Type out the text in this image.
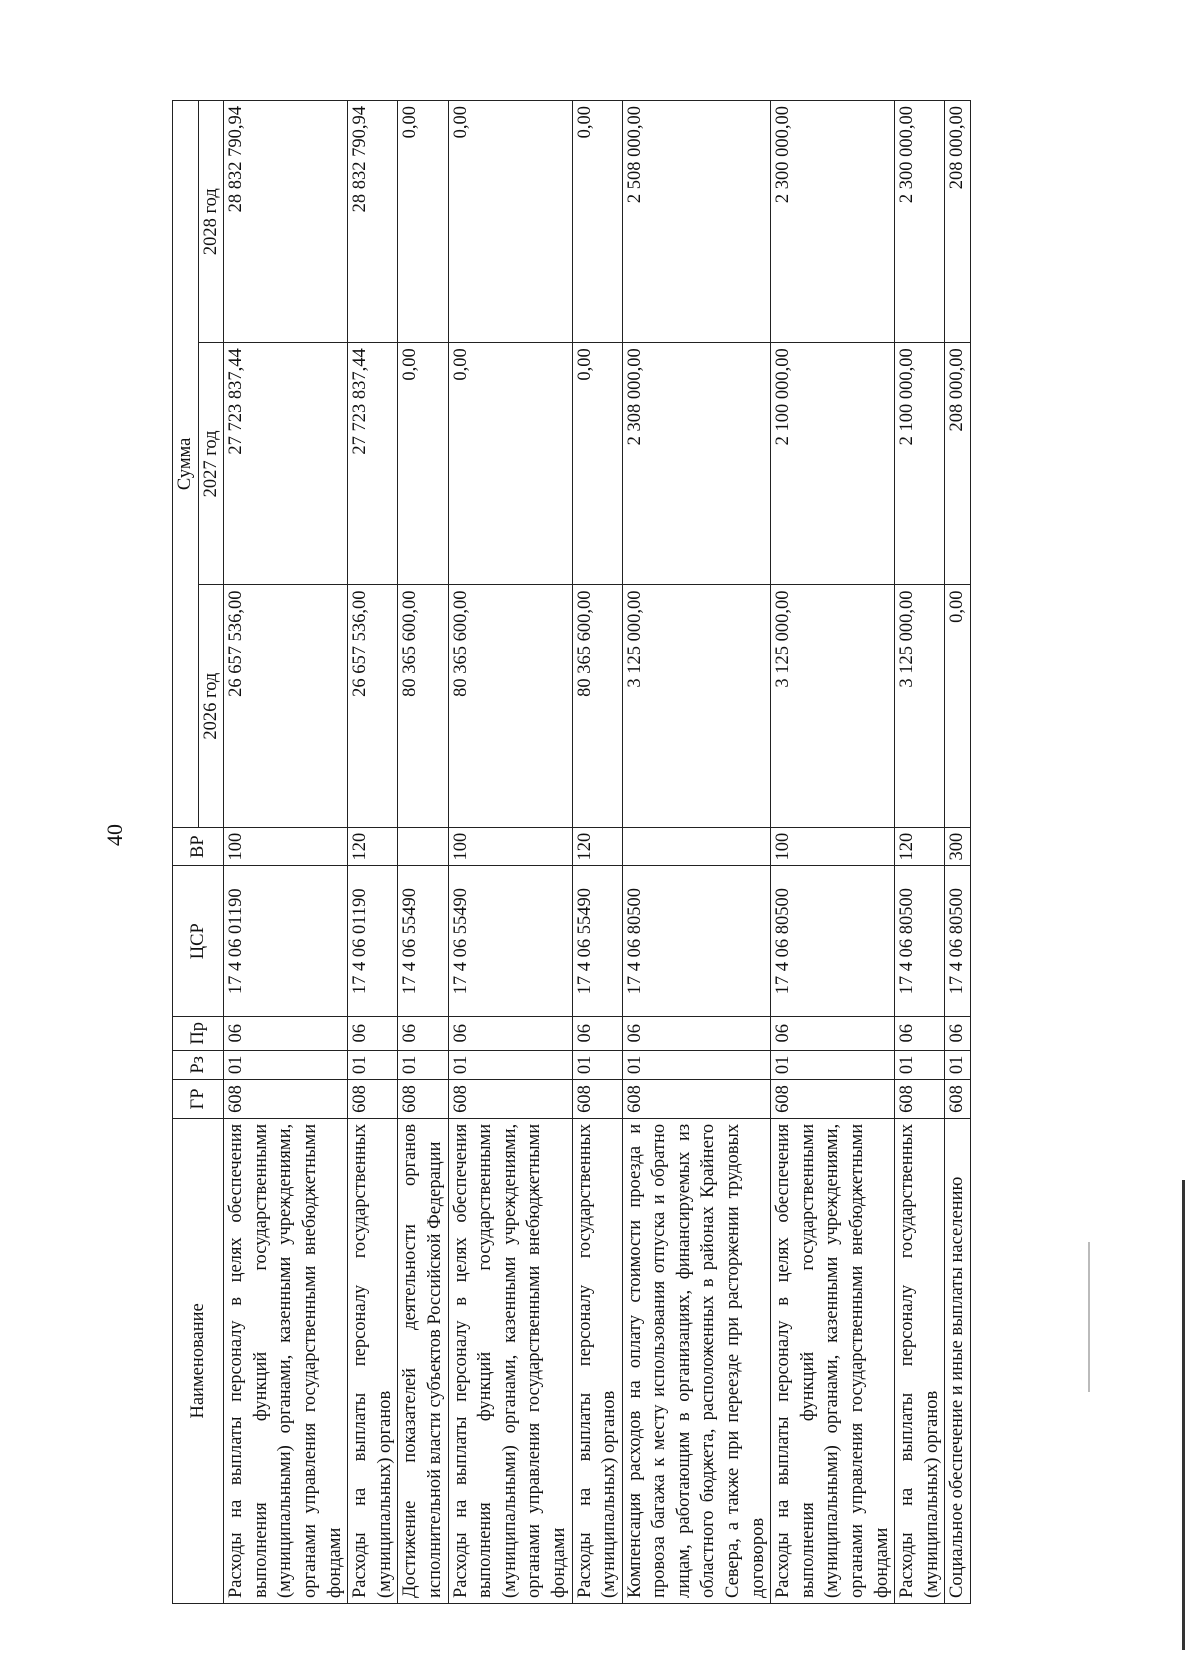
40
Наименование	ГР	Рз	Пр	ЦСР	ВР	Сумма		
						2026 год	2027 год	2028 год
Расходы на выплаты персоналу в целях обеспечения выполнения функций государственными (муниципальными) органами, казенными учреждениями, органами управления государственными внебюджетными фондами	608	01	06	17 4 06 01190	100	26 657 536,00	27 723 837,44	28 832 790,94
Расходы на выплаты персоналу государственных (муниципальных) органов	608	01	06	17 4 06 01190	120	26 657 536,00	27 723 837,44	28 832 790,94
Достижение показателей деятельности органов исполнительной власти субъектов Российской Федерации	608	01	06	17 4 06 55490		80 365 600,00	0,00	0,00
Расходы на выплаты персоналу в целях обеспечения выполнения функций государственными (муниципальными) органами, казенными учреждениями, органами управления государственными внебюджетными фондами	608	01	06	17 4 06 55490	100	80 365 600,00	0,00	0,00
Расходы на выплаты персоналу государственных (муниципальных) органов	608	01	06	17 4 06 55490	120	80 365 600,00	0,00	0,00
Компенсация расходов на оплату стоимости проезда и провоза багажа к месту использования отпуска и обратно лицам, работающим в организациях, финансируемых из областного бюджета, расположенных в районах Крайнего Севера, а также при переезде при расторжении трудовых договоров	608	01	06	17 4 06 80500		3 125 000,00	2 308 000,00	2 508 000,00
Расходы на выплаты персоналу в целях обеспечения выполнения функций государственными (муниципальными) органами, казенными учреждениями, органами управления государственными внебюджетными фондами	608	01	06	17 4 06 80500	100	3 125 000,00	2 100 000,00	2 300 000,00
Расходы на выплаты персоналу государственных (муниципальных) органов	608	01	06	17 4 06 80500	120	3 125 000,00	2 100 000,00	2 300 000,00
Социальное обеспечение и иные выплаты населению	608	01	06	17 4 06 80500	300	0,00	208 000,00	208 000,00
